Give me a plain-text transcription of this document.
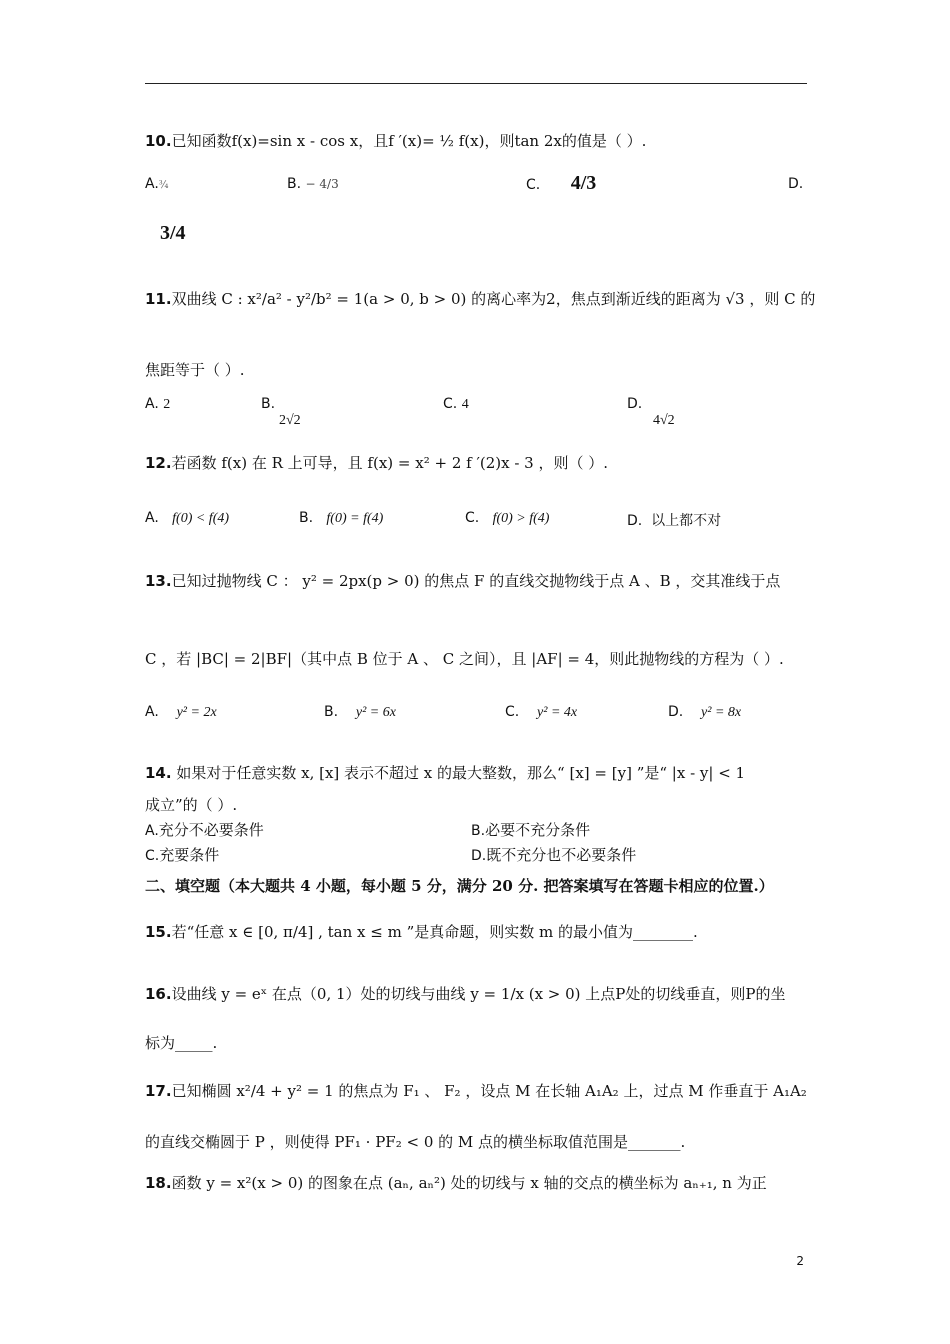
10.已知函数f(x)=sin x - cos x，且f ′(x)= ½ f(x)，则tan 2x的值是（ ）.
A.¾	B. − 4/3	C. 4/3	D.
3/4
11.双曲线 C : x²/a² - y²/b² = 1(a > 0, b > 0) 的离心率为2，焦点到渐近线的距离为 √3 ，则 C 的
焦距等于（ ）.
A. 2	B.
2√2
C. 4	D.
4√2
12.若函数 f(x) 在 R 上可导，且 f(x) = x² + 2 f ′(2)x - 3 ，则（ ）.
A. f(0) < f(4)	B. f(0) = f(4)	C. f(0) > f(4)	D. 以上都不对
13.已知过抛物线 C ： y² = 2px(p > 0) 的焦点 F 的直线交抛物线于点 A 、B ，交其准线于点
C ，若 |BC| = 2|BF|（其中点 B 位于 A 、 C 之间），且 |AF| = 4，则此抛物线的方程为（ ）.
A. y² = 2x	B. y² = 6x	C. y² = 4x	D. y² = 8x
14. 如果对于任意实数 x, [x] 表示不超过 x 的最大整数，那么“ [x] = [y] ”是“ |x - y| < 1
成立”的（ ）.
A.充分不必要条件	B.必要不充分条件
C.充要条件	D.既不充分也不必要条件
二、填空题（本大题共 4 小题，每小题 5 分，满分 20 分. 把答案填写在答题卡相应的位置.）
15.若“任意 x ∈ [0, π/4] , tan x ≤ m ”是真命题，则实数 m 的最小值为________.
16.设曲线 y = eˣ 在点（0, 1）处的切线与曲线 y = 1/x (x > 0) 上点P处的切线垂直，则P的坐
标为_____.
17.已知椭圆 x²/4 + y² = 1 的焦点为 F₁ 、 F₂ ，设点 M 在长轴 A₁A₂ 上，过点 M 作垂直于 A₁A₂
的直线交椭圆于 P ，则使得 PF₁ · PF₂ < 0 的 M 点的横坐标取值范围是_______.
18.函数 y = x²(x > 0) 的图象在点 (aₙ, aₙ²) 处的切线与 x 轴的交点的横坐标为 aₙ₊₁, n 为正
2
